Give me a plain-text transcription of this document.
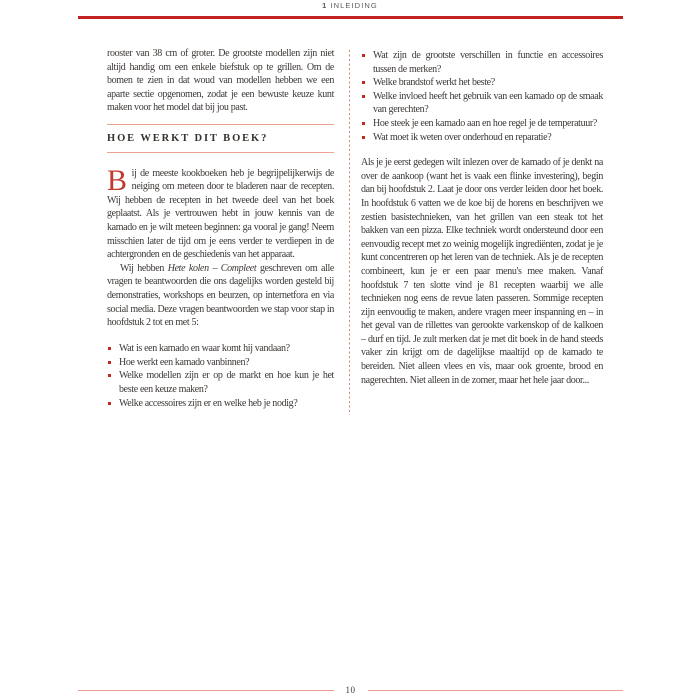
1 INLEIDING

rooster van 38 cm of groter. De grootste modellen zijn niet altijd handig om een enkele biefstuk op te grillen. Om de bomen te zien in dat woud van modellen hebben we een aparte sectie opgenomen, zodat je een bewuste keuze kunt maken voor het model dat bij jou past.

HOE WERKT DIT BOEK?

Bij de meeste kookboeken heb je begrijpelijkerwijs de neiging om meteen door te bladeren naar de recepten. Wij hebben de recepten in het tweede deel van het boek geplaatst. Als je vertrouwen hebt in jouw kennis van de kamado en je wilt meteen beginnen: ga vooral je gang! Neem misschien later de tijd om je eens verder te verdiepen in de achtergronden en de geschiedenis van het apparaat.

Wij hebben Hete kolen – Compleet geschreven om alle vragen te beantwoorden die ons dagelijks worden gesteld bij demonstraties, workshops en beurzen, op internetfora en via social media. Deze vragen beantwoorden we stap voor stap in hoofdstuk 2 tot en met 5:

Wat is een kamado en waar komt hij vandaan?
Hoe werkt een kamado vanbinnen?
Welke modellen zijn er op de markt en hoe kun je het beste een keuze maken?
Welke accessoires zijn er en welke heb je nodig?
Wat zijn de grootste verschillen in functie en accessoires tussen de merken?
Welke brandstof werkt het beste?
Welke invloed heeft het gebruik van een kamado op de smaak van gerechten?
Hoe steek je een kamado aan en hoe regel je de temperatuur?
Wat moet ik weten over onderhoud en reparatie?

Als je je eerst gedegen wilt inlezen over de kamado of je denkt na over de aankoop (want het is vaak een flinke investering), begin dan bij hoofdstuk 2. Laat je door ons verder leiden door het boek. In hoofdstuk 6 vatten we de koe bij de horens en beschrijven we zestien basistechnieken, van het grillen van een steak tot het bakken van een pizza. Elke techniek wordt ondersteund door een eenvoudig recept met zo weinig mogelijk ingrediënten, zodat je je kunt concentreren op het leren van de techniek. Als je de recepten combineert, kun je er een paar menu's mee maken. Vanaf hoofdstuk 7 ten slotte vind je 81 recepten waarbij we alle technieken nog eens de revue laten passeren. Sommige recepten zijn eenvoudig te maken, andere vragen meer inspanning en – in het geval van de rillettes van gerookte varkenskop of de kalkoen – durf en tijd. Je zult merken dat je met dit boek in de hand steeds vaker zin krijgt om de dagelijkse maaltijd op de kamado te bereiden. Niet alleen vlees en vis, maar ook groente, brood en nagerechten. Niet alleen in de zomer, maar het hele jaar door...

10
